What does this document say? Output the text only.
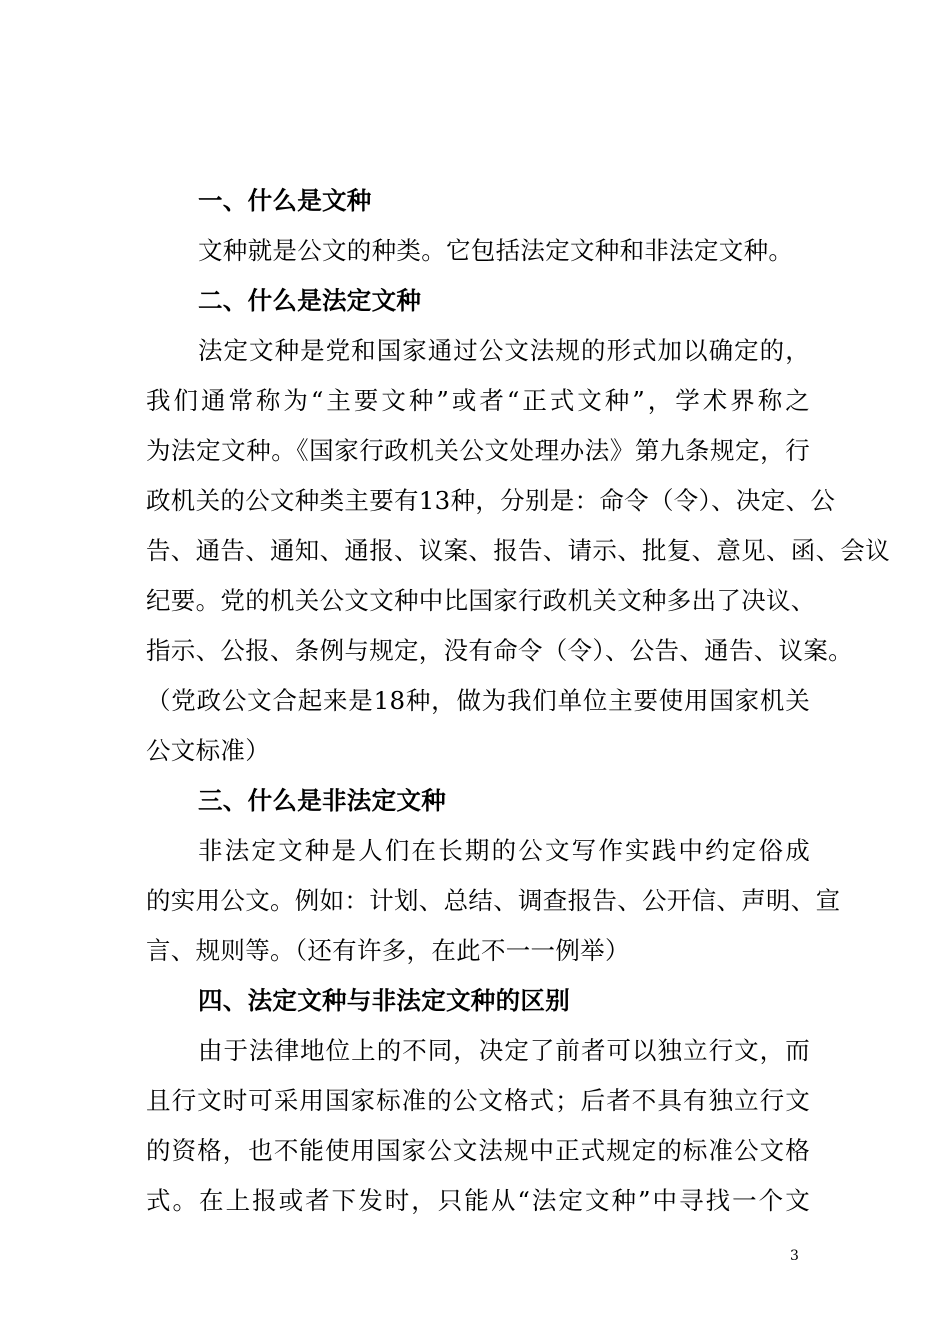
一、什么是文种
文种就是公文的种类。它包括法定文种和非法定文种。
二、什么是法定文种
法定文种是党和国家通过公文法规的形式加以确定的，
我们通常称为“主要文种”或者“正式文种”，学术界称之
为法定文种。《国家行政机关公文处理办法》第九条规定，行
政机关的公文种类主要有13种，分别是：命令（令）、决定、公
告、通告、通知、通报、议案、报告、请示、批复、意见、函、会议
纪要。党的机关公文文种中比国家行政机关文种多出了决议、
指示、公报、条例与规定，没有命令（令）、公告、通告、议案。
（党政公文合起来是18种，做为我们单位主要使用国家机关
公文标准）
三、什么是非法定文种
非法定文种是人们在长期的公文写作实践中约定俗成
的实用公文。例如：计划、总结、调查报告、公开信、声明、宣
言、规则等。（还有许多，在此不一一例举）
四、法定文种与非法定文种的区别
由于法律地位上的不同，决定了前者可以独立行文，而
且行文时可采用国家标准的公文格式；后者不具有独立行文
的资格，也不能使用国家公文法规中正式规定的标准公文格
式。在上报或者下发时，只能从“法定文种”中寻找一个文
3
